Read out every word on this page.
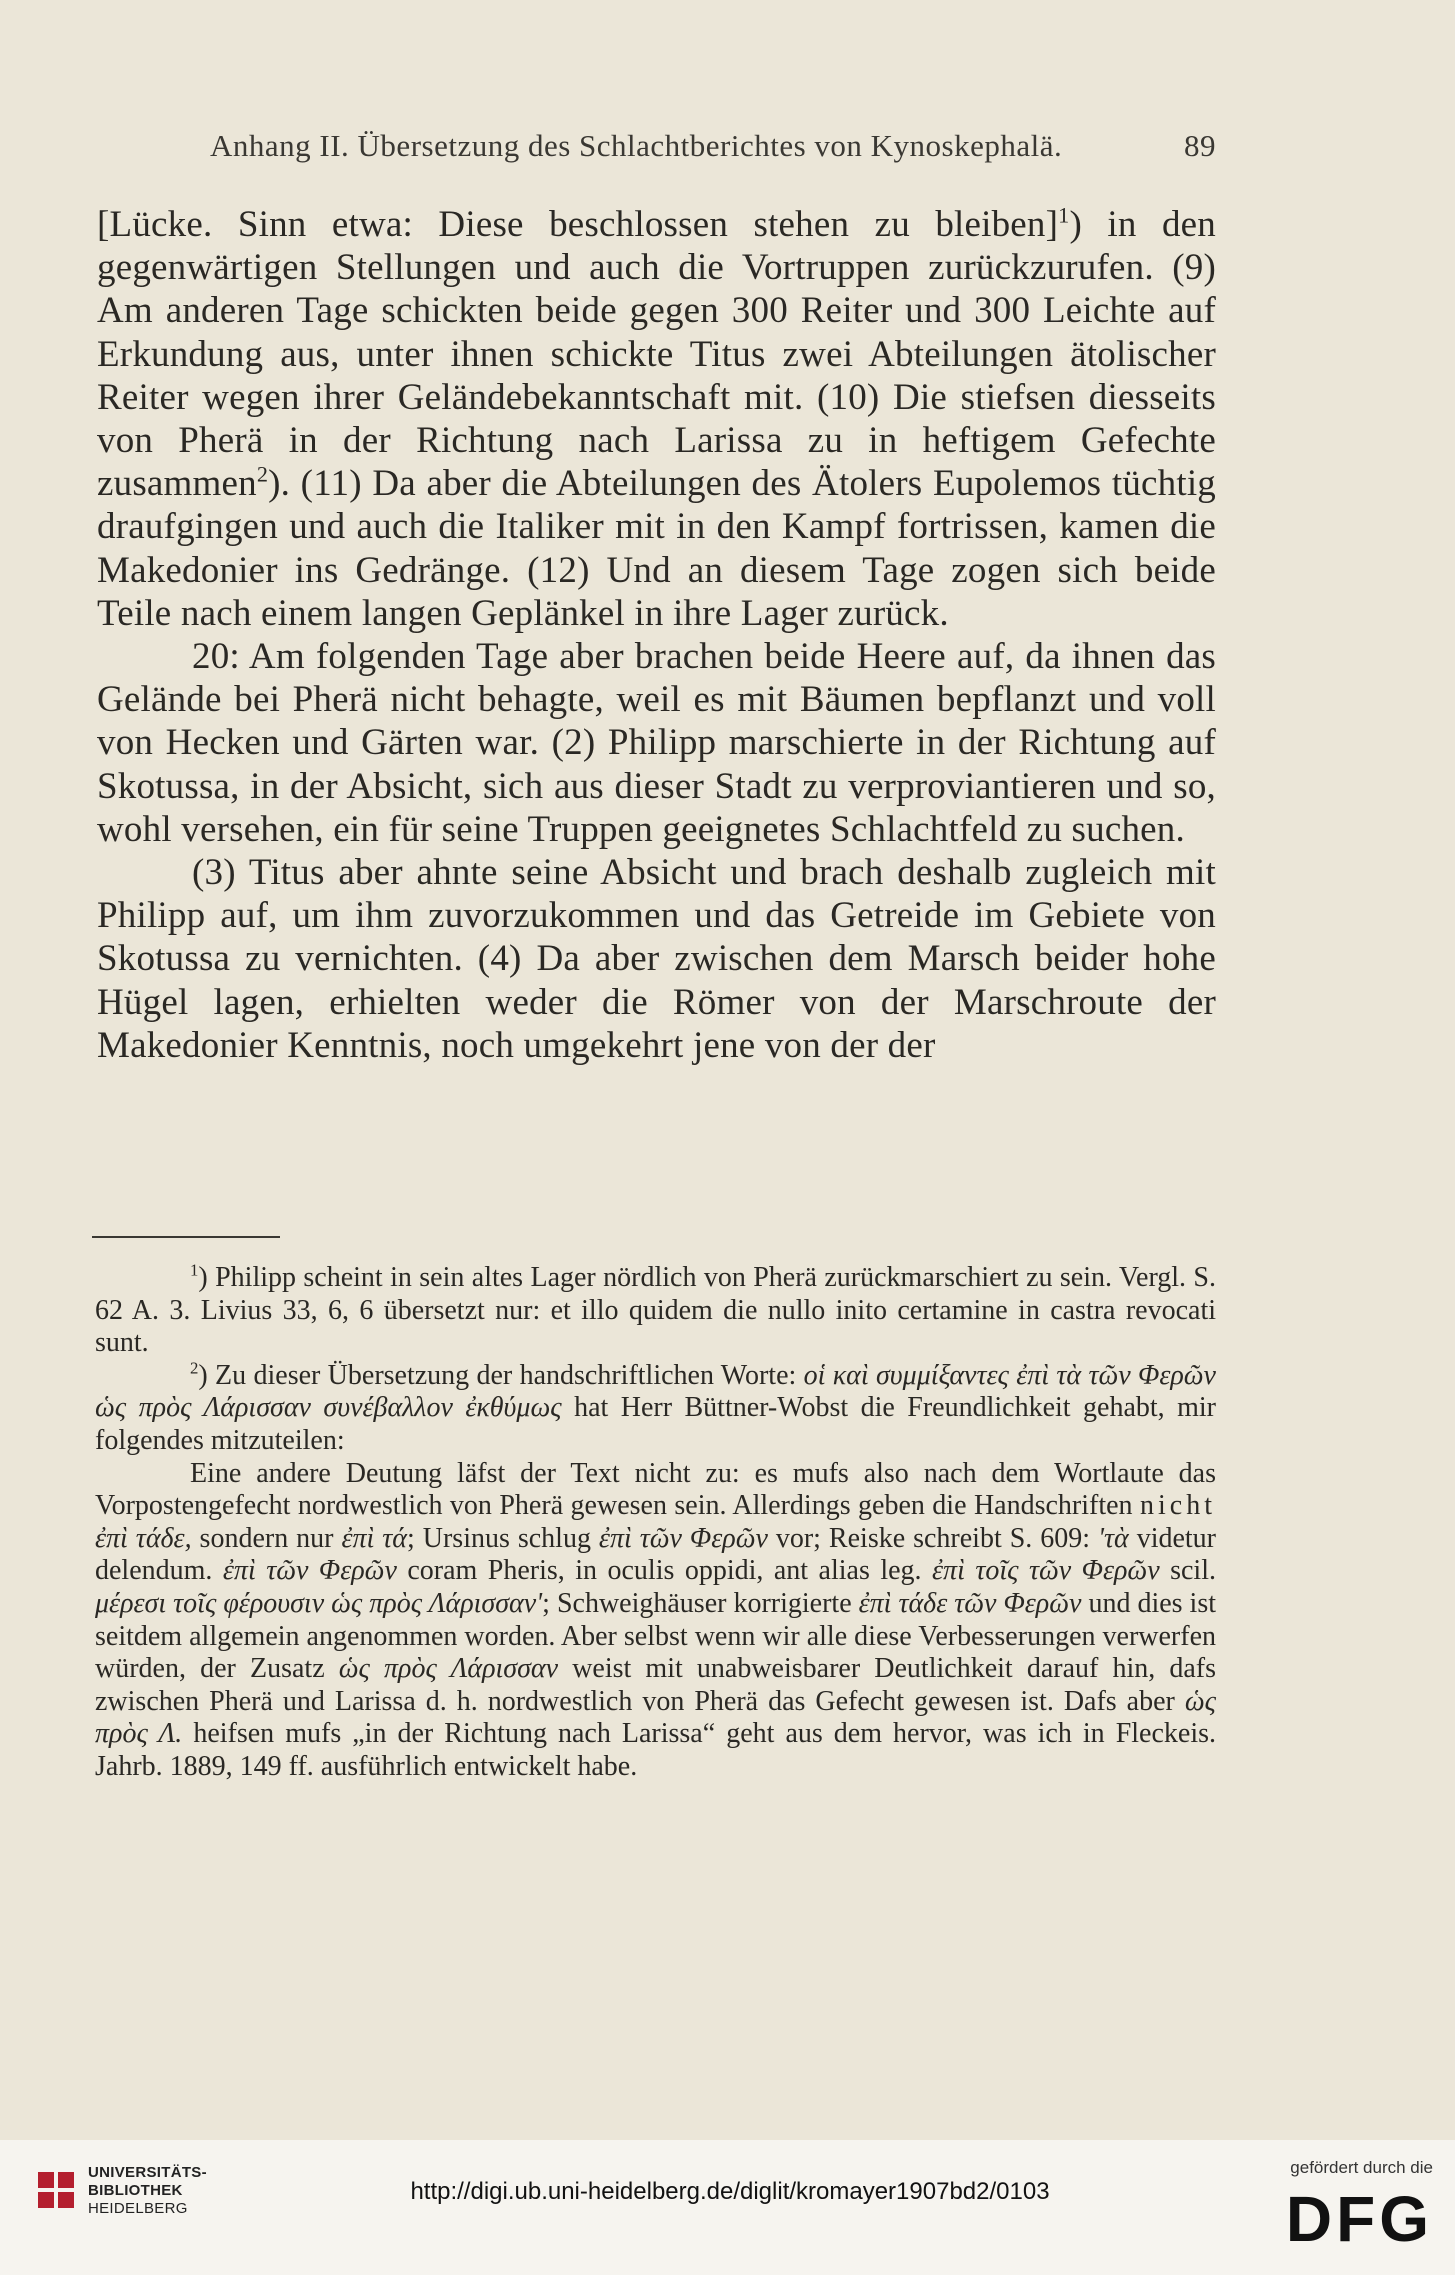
Anhang II. Übersetzung des Schlachtberichtes von Kynoskephalä.	89

[Lücke. Sinn etwa: Diese beschlossen stehen zu bleiben]$^1$) in den gegenwärtigen Stellungen und auch die Vortruppen zurückzurufen. (9) Am anderen Tage schickten beide gegen 300 Reiter und 300 Leichte auf Erkundung aus, unter ihnen schickte Titus zwei Abteilungen ätolischer Reiter wegen ihrer Geländebekanntschaft mit. (10) Die stiefsen diesseits von Pherä in der Richtung nach Larissa zu in heftigem Gefechte zusammen$^2$). (11) Da aber die Abteilungen des Ätolers Eupolemos tüchtig draufgingen und auch die Italiker mit in den Kampf fortrissen, kamen die Makedonier ins Gedränge. (12) Und an diesem Tage zogen sich beide Teile nach einem langen Geplänkel in ihre Lager zurück.

20: Am folgenden Tage aber brachen beide Heere auf, da ihnen das Gelände bei Pherä nicht behagte, weil es mit Bäumen bepflanzt und voll von Hecken und Gärten war. (2) Philipp marschierte in der Richtung auf Skotussa, in der Absicht, sich aus dieser Stadt zu verproviantieren und so, wohl versehen, ein für seine Truppen geeignetes Schlachtfeld zu suchen.

(3) Titus aber ahnte seine Absicht und brach deshalb zugleich mit Philipp auf, um ihm zuvorzukommen und das Getreide im Gebiete von Skotussa zu vernichten. (4) Da aber zwischen dem Marsch beider hohe Hügel lagen, erhielten weder die Römer von der Marschroute der Makedonier Kenntnis, noch umgekehrt jene von der der

$^1$) Philipp scheint in sein altes Lager nördlich von Pherä zurückmarschiert zu sein. Vergl. S. 62 A. 3. Livius 33, 6, 6 übersetzt nur: et illo quidem die nullo inito certamine in castra revocati sunt.

$^2$) Zu dieser Übersetzung der handschriftlichen Worte: οἱ καὶ συμμίξαντες ἐπὶ τὰ τῶν Φερῶν ὡς πρὸς Λάρισσαν συνέβαλλον ἐκθύμως hat Herr Büttner-Wobst die Freundlichkeit gehabt, mir folgendes mitzuteilen:

Eine andere Deutung läfst der Text nicht zu: es mufs also nach dem Wortlaute das Vorpostengefecht nordwestlich von Pherä gewesen sein. Allerdings geben die Handschriften nicht ἐπὶ τάδε, sondern nur ἐπὶ τά; Ursinus schlug ἐπὶ τῶν Φερῶν vor; Reiske schreibt S. 609: 'τὰ videtur delendum. ἐπὶ τῶν Φερῶν coram Pheris, in oculis oppidi, ant alias leg. ἐπὶ τοῖς τῶν Φερῶν scil. μέρεσι τοῖς φέρουσιν ὡς πρὸς Λάρισσαν'; Schweighäuser korrigierte ἐπὶ τάδε τῶν Φερῶν und dies ist seitdem allgemein angenommen worden. Aber selbst wenn wir alle diese Verbesserungen verwerfen würden, der Zusatz ὡς πρὸς Λάρισσαν weist mit unabweisbarer Deutlichkeit darauf hin, dafs zwischen Pherä und Larissa d. h. nordwestlich von Pherä das Gefecht gewesen ist. Dafs aber ὡς πρὸς Λ. heifsen mufs „in der Richtung nach Larissa“ geht aus dem hervor, was ich in Fleckeis. Jahrb. 1889, 149 ff. ausführlich entwickelt habe.

UNIVERSITÄTS-
BIBLIOTHEK
HEIDELBERG
http://digi.ub.uni-heidelberg.de/diglit/kromayer1907bd2/0103
gefördert durch die
DFG
